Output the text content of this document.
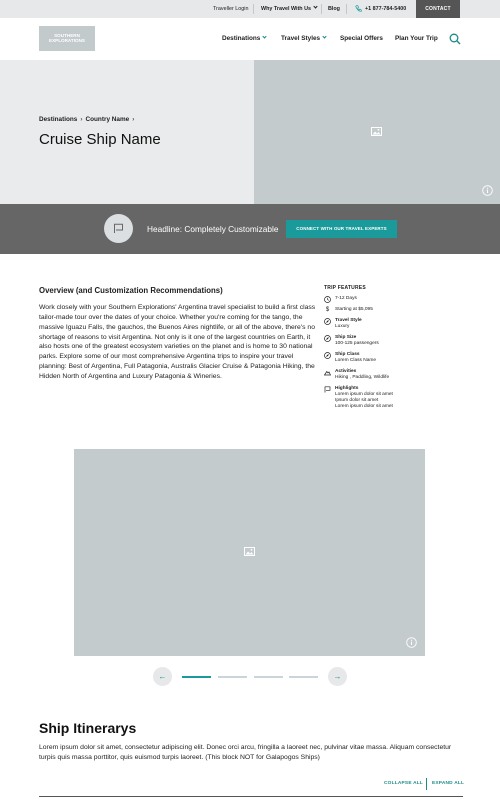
Traveller Login Why Travel With Us	Blog	+1 877-784-5400	CONTACT
SOUTHERN
EXPLORATIONS	Destinations	Travel Styles	Special Offers Plan Your Trip
Destinations › Country Name ›
Cruise Ship Name
Headline: Completely Customizable	CONNECT WITH OUR TRAVEL EXPERTS
Overview (and Customization Recommendations)
Work closely with your Southern Explorations' Argentina travel specialist to build a first class tailor-made tour over the dates of your choice. Whether you're coming for the tango, the massive Iguazu Falls, the gauchos, the Buenos Aires nightlife, or all of the above, there's no shortage of reasons to visit Argentina. Not only is it one of the largest countries on Earth, it also hosts one of the greatest ecosystem varieties on the planet and is home to 30 national parks. Explore some of our most comprehensive Argentina trips to inspire your travel planning: Best of Argentina, Full Patagonia, Australis Glacier Cruise & Patagonia Hiking, the Hidden North of Argentina and Luxury Patagonia & Wineries.
TRIP FEATURES
7-12 Days
$	Starting at $5,095
Travel Style
Luxury
Ship Size
100-125 passengers
Ship Class
Lorem Class Name
Activities
Hiking , Paddling, Wildlife
Highlights
Lorem ipsum dolor sit amet
Ipsum dolor sit amet
Lorem ipsum dolor sit amet
←	→
Ship Itinerarys
Lorem ipsum dolor sit amet, consectetur adipiscing elit. Donec orci arcu, fringilla a laoreet nec, pulvinar vitae massa. Aliquam consectetur turpis quis massa porttitor, quis euismod turpis laoreet. (This block NOT for Galapogos Ships)
COLLAPSE ALL EXPAND ALL
